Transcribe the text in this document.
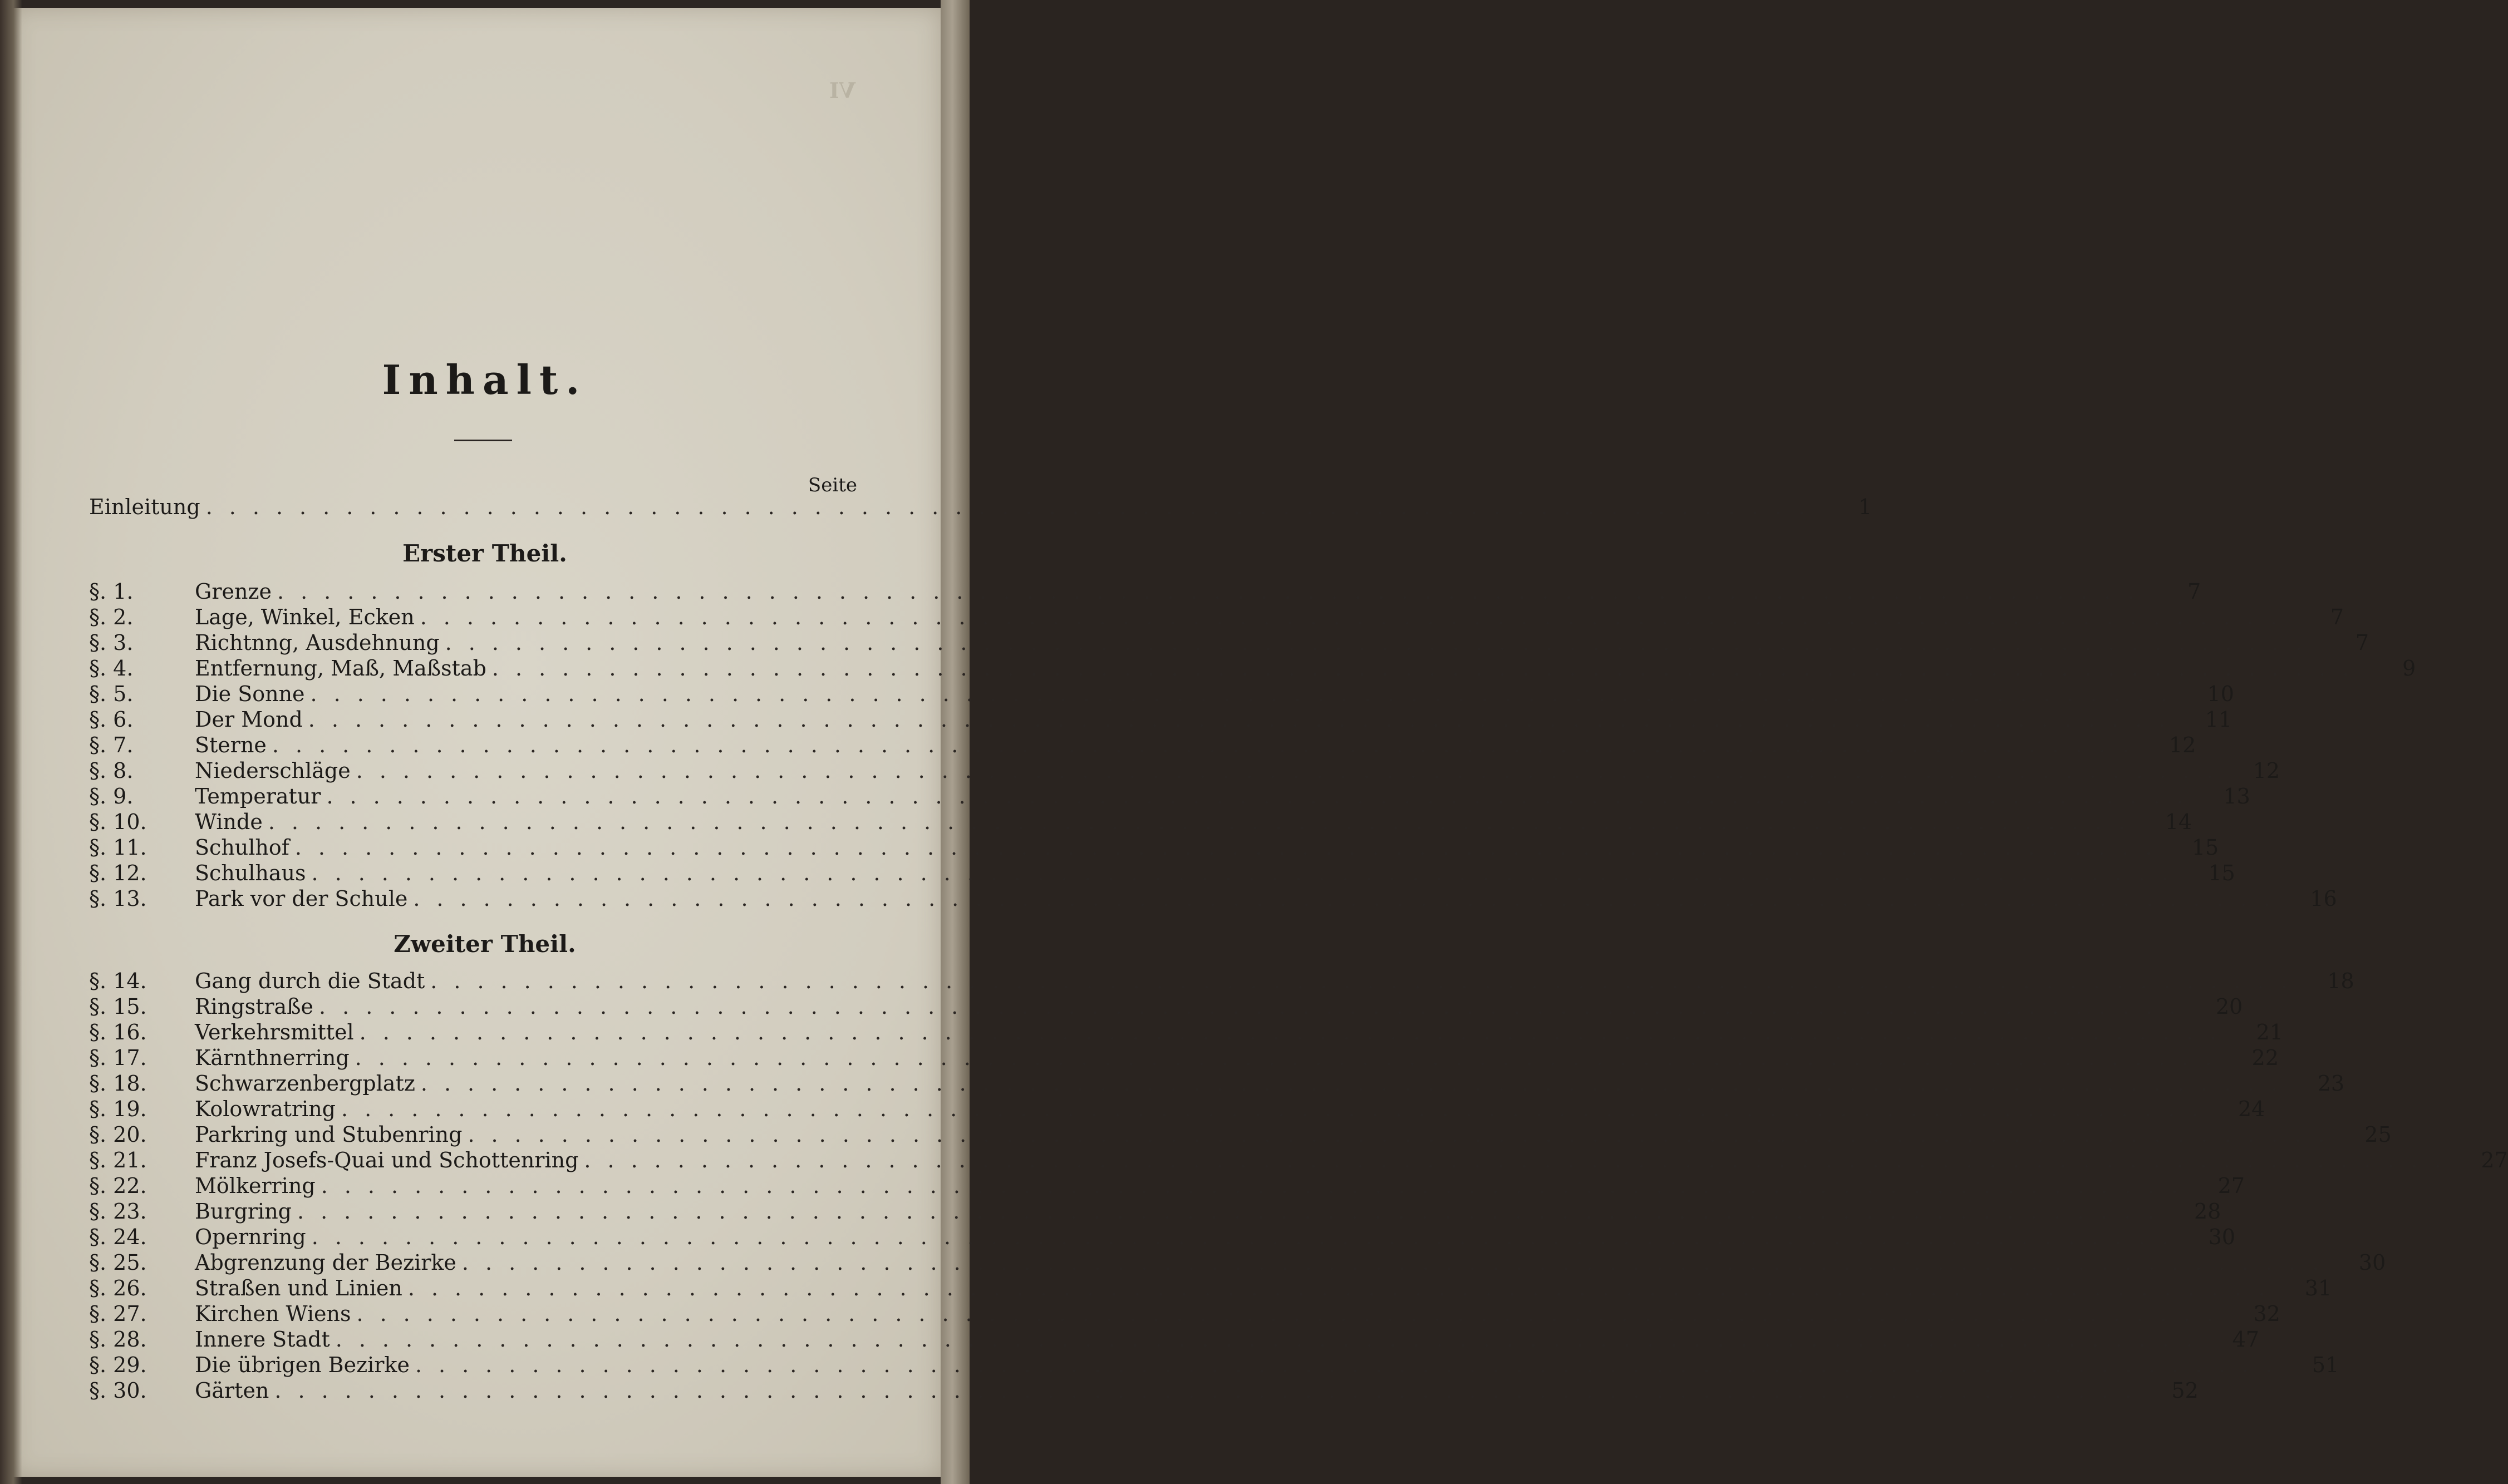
VI
Inhalt.
Seite
Einleitung .....................................................................	1
Erster Theil.
§. 1.	Grenze ................................................................................	7
§. 2.	Lage, Winkel, Ecken ................................................................................	7
§. 3.	Richtnng, Ausdehnung ................................................................................	7
§. 4.	Entfernung, Maß, Maßstab ................................................................................	9
§. 5.	Die Sonne ................................................................................	10
§. 6.	Der Mond ................................................................................	11
§. 7.	Sterne ................................................................................	12
§. 8.	Niederschläge ................................................................................	12
§. 9.	Temperatur ................................................................................	13
§. 10.	Winde ................................................................................	14
§. 11.	Schulhof ................................................................................	15
§. 12.	Schulhaus ................................................................................	15
§. 13.	Park vor der Schule ................................................................................	16
Zweiter Theil.
§. 14.	Gang durch die Stadt ................................................................................	18
§. 15.	Ringstraße ................................................................................	20
§. 16.	Verkehrsmittel ................................................................................	21
§. 17.	Kärnthnerring ................................................................................	22
§. 18.	Schwarzenbergplatz ................................................................................	23
§. 19.	Kolowratring ................................................................................	24
§. 20.	Parkring und Stubenring ................................................................................	25
§. 21.	Franz Josefs-Quai und Schottenring ................................................................................	27
§. 22.	Mölkerring ................................................................................	27
§. 23.	Burgring ................................................................................	28
§. 24.	Opernring ................................................................................	30
§. 25.	Abgrenzung der Bezirke ................................................................................	30
§. 26.	Straßen und Linien ................................................................................	31
§. 27.	Kirchen Wiens ................................................................................	32
§. 28.	Innere Stadt ................................................................................	47
§. 29.	Die übrigen Bezirke ................................................................................	51
§. 30.	Gärten ................................................................................	52
